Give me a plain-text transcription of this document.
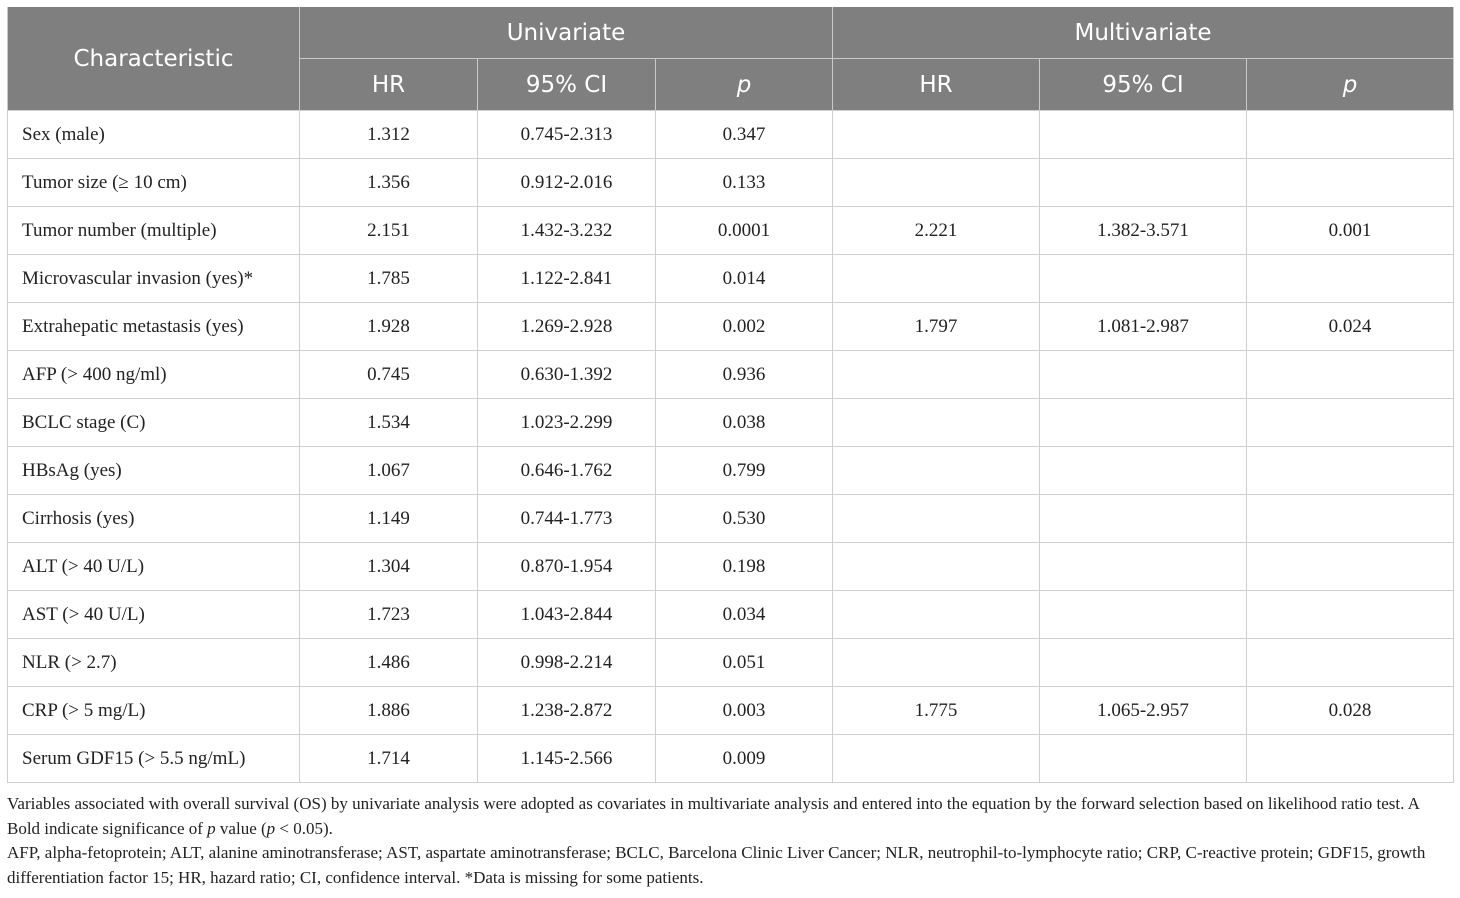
Characteristic	Univariate			Multivariate		
	HR	95% CI	p	HR	95% CI	p
Sex (male)	1.312	0.745-2.313	0.347			
Tumor size (≥ 10 cm)	1.356	0.912-2.016	0.133			
Tumor number (multiple)	2.151	1.432-3.232	0.0001	2.221	1.382-3.571	0.001
Microvascular invasion (yes)*	1.785	1.122-2.841	0.014			
Extrahepatic metastasis (yes)	1.928	1.269-2.928	0.002	1.797	1.081-2.987	0.024
AFP (> 400 ng/ml)	0.745	0.630-1.392	0.936			
BCLC stage (C)	1.534	1.023-2.299	0.038			
HBsAg (yes)	1.067	0.646-1.762	0.799			
Cirrhosis (yes)	1.149	0.744-1.773	0.530			
ALT (> 40 U/L)	1.304	0.870-1.954	0.198			
AST (> 40 U/L)	1.723	1.043-2.844	0.034			
NLR (> 2.7)	1.486	0.998-2.214	0.051			
CRP (> 5 mg/L)	1.886	1.238-2.872	0.003	1.775	1.065-2.957	0.028
Serum GDF15 (> 5.5 ng/mL)	1.714	1.145-2.566	0.009			

Variables associated with overall survival (OS) by univariate analysis were adopted as covariates in multivariate analysis and entered into the equation by the forward selection based on likelihood ratio test. A Bold indicate significance of p value (p < 0.05).

AFP, alpha-fetoprotein; ALT, alanine aminotransferase; AST, aspartate aminotransferase; BCLC, Barcelona Clinic Liver Cancer; NLR, neutrophil-to-lymphocyte ratio; CRP, C-reactive protein; GDF15, growth differentiation factor 15; HR, hazard ratio; CI, confidence interval. *Data is missing for some patients.
